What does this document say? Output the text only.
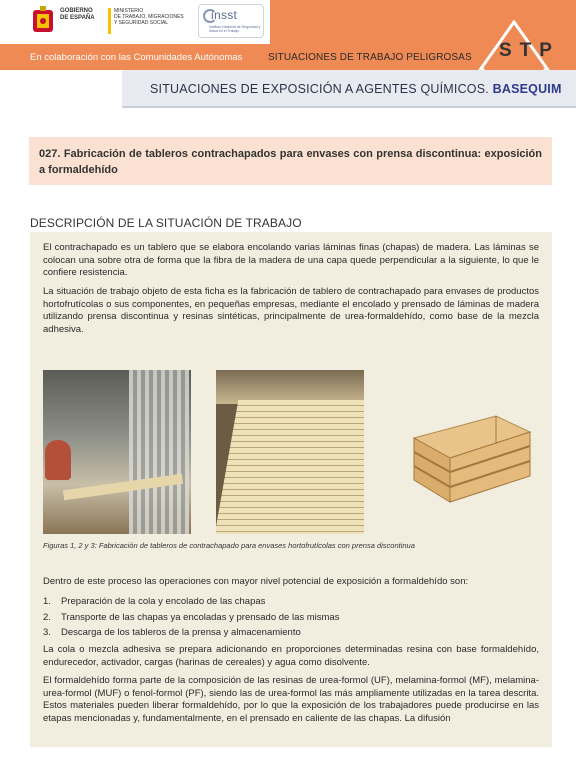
GOBIERNO
DE ESPAÑA
MINISTERIO
DE TRABAJO, MIGRACIONES
Y SEGURIDAD SOCIAL
insst
Instituto Nacional de Seguridad y Salud en el Trabajo
En colaboración con las Comunidades Autónomas	SITUACIONES DE TRABAJO PELIGROSAS STP
SITUACIONES DE EXPOSICIÓN A AGENTES QUÍMICOS. BASEQUIM
027. Fabricación de tableros contrachapados para envases con prensa discontinua: exposición a formaldehído
DESCRIPCIÓN DE LA SITUACIÓN DE TRABAJO

El contrachapado es un tablero que se elabora encolando varias láminas finas (chapas) de madera. Las láminas se colocan una sobre otra de forma que la fibra de la madera de una capa quede perpendicular a la siguiente, lo que le confiere resistencia.

La situación de trabajo objeto de esta ficha es la fabricación de tablero de contrachapado para envases de productos hortofrutícolas o sus componentes, en pequeñas empresas, mediante el encolado y prensado de láminas de madera utilizando prensa discontinua y resinas sintéticas, principalmente de urea-formaldehído, como base de la mezcla adhesiva.

Figuras 1, 2 y 3: Fabricación de tableros de contrachapado para envases hortofrutícolas con prensa discontinua

Dentro de este proceso las operaciones con mayor nivel potencial de exposición a formaldehído son:

1.	Preparación de la cola y encolado de las chapas
2.	Transporte de las chapas ya encoladas y prensado de las mismas
3.	Descarga de los tableros de la prensa y almacenamiento

La cola o mezcla adhesiva se prepara adicionando en proporciones determinadas resina con base formaldehído, endurecedor, activador, cargas (harinas de cereales) y agua como disolvente.

El formaldehído forma parte de la composición de las resinas de urea-formol (UF), melamina-formol (MF), melamina-urea-formol (MUF) o fenol-formol (PF), siendo las de urea-formol las más ampliamente utilizadas en la tarea descrita. Estos materiales pueden liberar formaldehído, por lo que la exposición de los trabajadores puede producirse en las etapas mencionadas y, fundamentalmente, en el prensado en caliente de las chapas. La difusión
